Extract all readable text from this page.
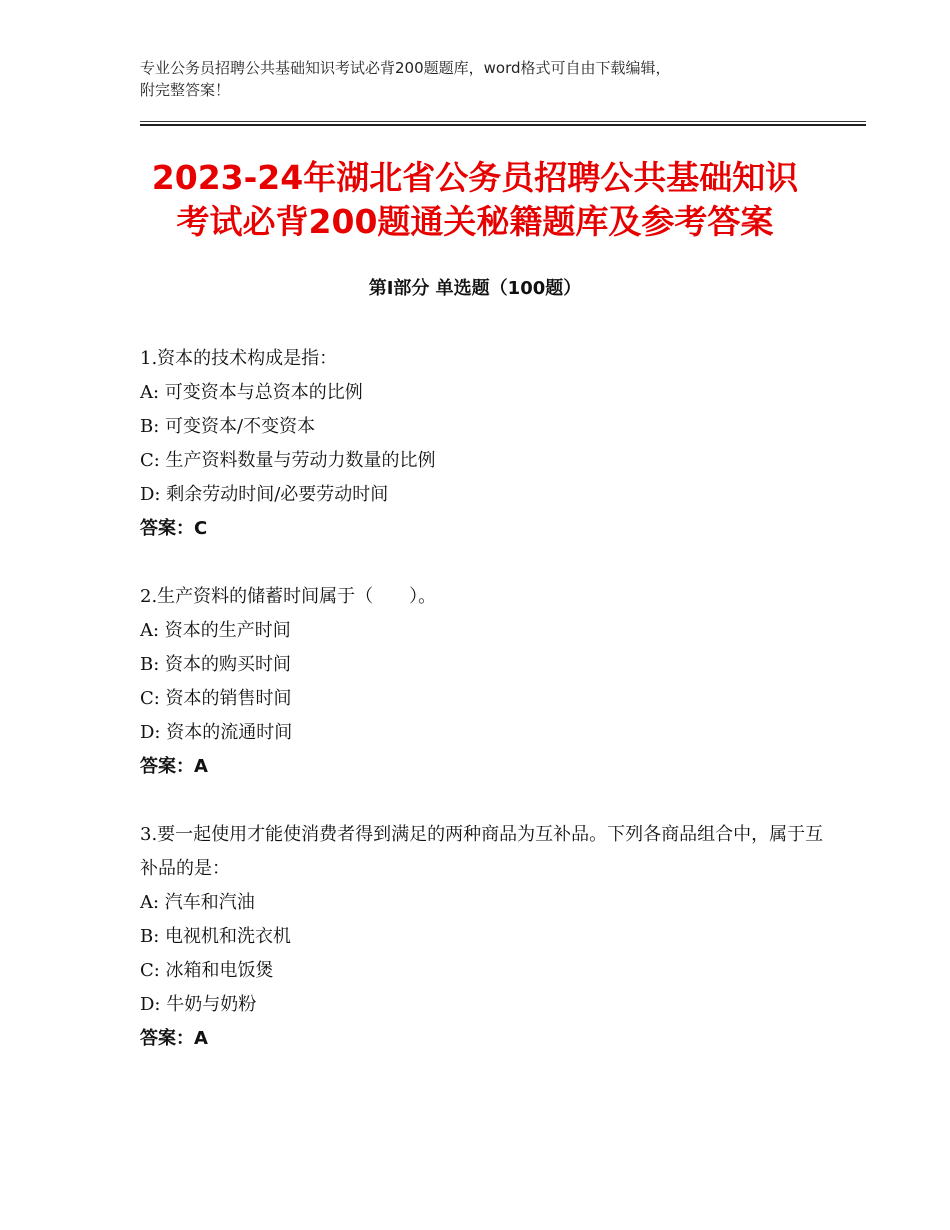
专业公务员招聘公共基础知识考试必背200题题库，word格式可自由下载编辑，
附完整答案！
2023-24年湖北省公务员招聘公共基础知识
考试必背200题通关秘籍题库及参考答案
第Ⅰ部分 单选题（100题）
1.资本的技术构成是指：
A: 可变资本与总资本的比例
B: 可变资本/不变资本
C: 生产资料数量与劳动力数量的比例
D: 剩余劳动时间/必要劳动时间
答案：C
2.生产资料的储蓄时间属于（　　）。
A: 资本的生产时间
B: 资本的购买时间
C: 资本的销售时间
D: 资本的流通时间
答案：A
3.要一起使用才能使消费者得到满足的两种商品为互补品。下列各商品组合中，属于互补品的是：
A: 汽车和汽油
B: 电视机和洗衣机
C: 冰箱和电饭煲
D: 牛奶与奶粉
答案：A
